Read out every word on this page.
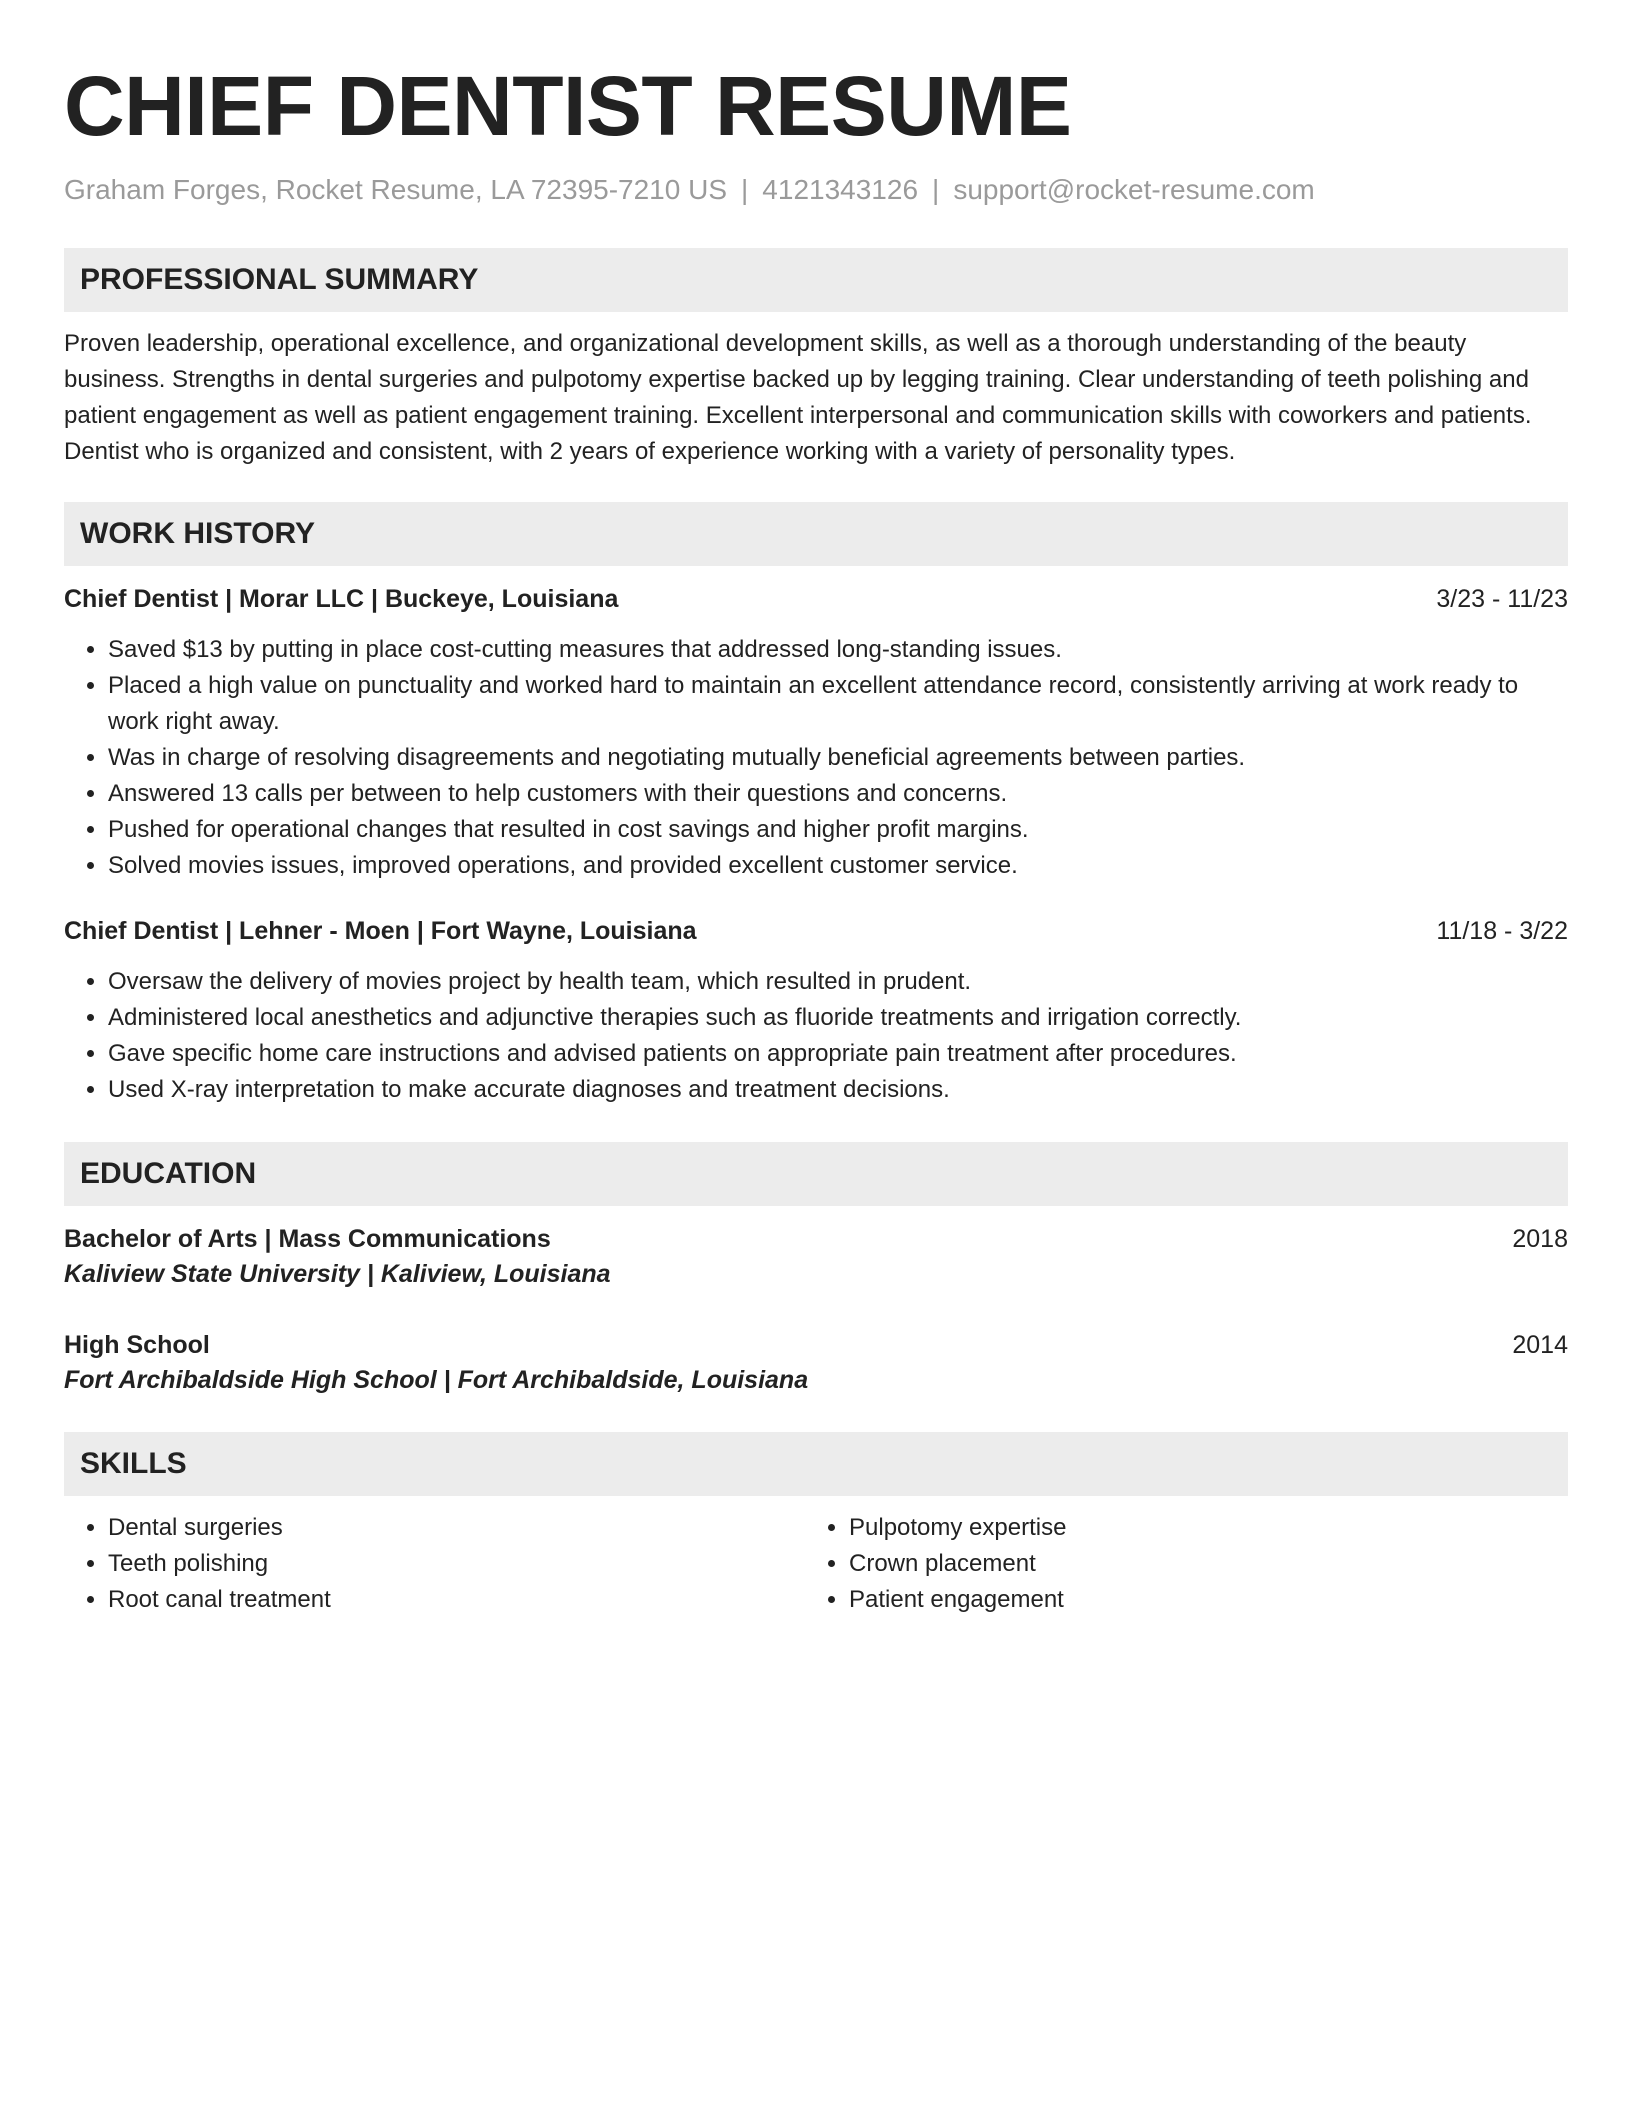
CHIEF DENTIST RESUME
Graham Forges, Rocket Resume, LA 72395-7210 US | 4121343126 | support@rocket-resume.com
PROFESSIONAL SUMMARY

Proven leadership, operational excellence, and organizational development skills, as well as a thorough understanding of the beauty business. Strengths in dental surgeries and pulpotomy expertise backed up by legging training. Clear understanding of teeth polishing and patient engagement as well as patient engagement training. Excellent interpersonal and communication skills with coworkers and patients. Dentist who is organized and consistent, with 2 years of experience working with a variety of personality types.

WORK HISTORY
Chief Dentist | Morar LLC | Buckeye, Louisiana	3/23 - 11/23
• Saved $13 by putting in place cost-cutting measures that addressed long-standing issues.
• Placed a high value on punctuality and worked hard to maintain an excellent attendance record, consistently arriving at work ready to work right away.
• Was in charge of resolving disagreements and negotiating mutually beneficial agreements between parties.
• Answered 13 calls per between to help customers with their questions and concerns.
• Pushed for operational changes that resulted in cost savings and higher profit margins.
• Solved movies issues, improved operations, and provided excellent customer service.
Chief Dentist | Lehner - Moen | Fort Wayne, Louisiana	11/18 - 3/22
• Oversaw the delivery of movies project by health team, which resulted in prudent.
• Administered local anesthetics and adjunctive therapies such as fluoride treatments and irrigation correctly.
• Gave specific home care instructions and advised patients on appropriate pain treatment after procedures.
• Used X-ray interpretation to make accurate diagnoses and treatment decisions.
EDUCATION
Bachelor of Arts | Mass Communications	2018
Kaliview State University | Kaliview, Louisiana
High School	2014
Fort Archibaldside High School | Fort Archibaldside, Louisiana
SKILLS
• Dental surgeries
• Teeth polishing
• Root canal treatment
• Pulpotomy expertise
• Crown placement
• Patient engagement
